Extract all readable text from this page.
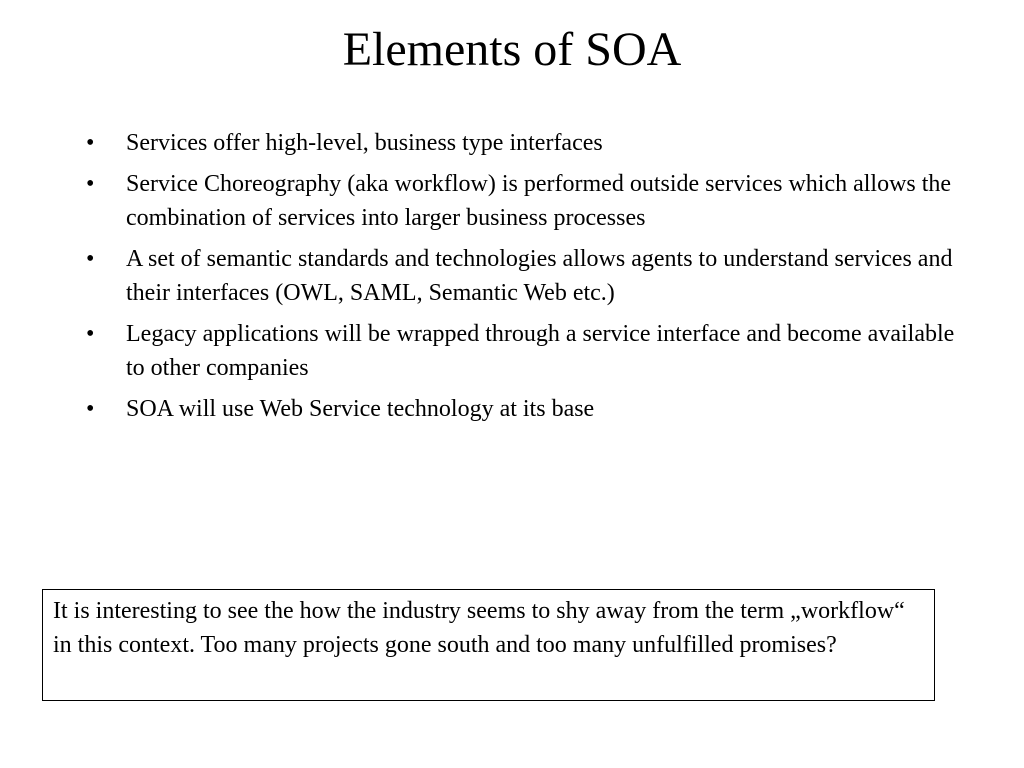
Elements of SOA
• Services offer high-level, business type interfaces
• Service Choreography (aka workflow) is performed outside services which allows the combination of services into larger business processes
• A set of semantic standards and technologies allows agents to understand services and their interfaces (OWL, SAML, Semantic Web etc.)
• Legacy applications will be wrapped through a service interface and become available to other companies
• SOA will use Web Service technology at its base
It is interesting to see the how the industry seems to shy away from the term „workflow“ in this context. Too many projects gone south and too many unfulfilled promises?
